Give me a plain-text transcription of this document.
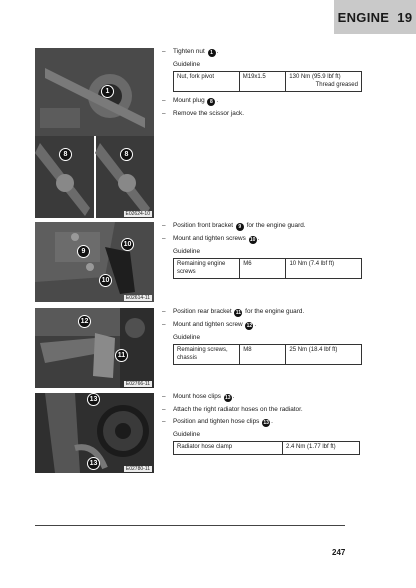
ENGINE 19
1
8	8
E02624-10
9
10
10
E02614-11
12
11
E02766-11
13
13
E02780-11
–	Tighten nut 1 .
Guideline
Nut, fork pivot	M19x1.5	130 Nm (95.9 lbf ft)
Thread greased
–	Mount plug 8 .
–	Remove the scissor jack.
–	Position front bracket 9 for the engine guard.
–	Mount and tighten screws 10 .
Guideline
Remaining engine screws	M6	10 Nm (7.4 lbf ft)
–	Position rear bracket 11 for the engine guard.
–	Mount and tighten screw 12 .
Guideline
Remaining screws, chassis	M8	25 Nm (18.4 lbf ft)
–	Mount hose clips 13 .
–	Attach the right radiator hoses on the radiator.
–	Position and tighten hose clips 13 .
Guideline
Radiator hose clamp	2.4 Nm (1.77 lbf ft)
247
